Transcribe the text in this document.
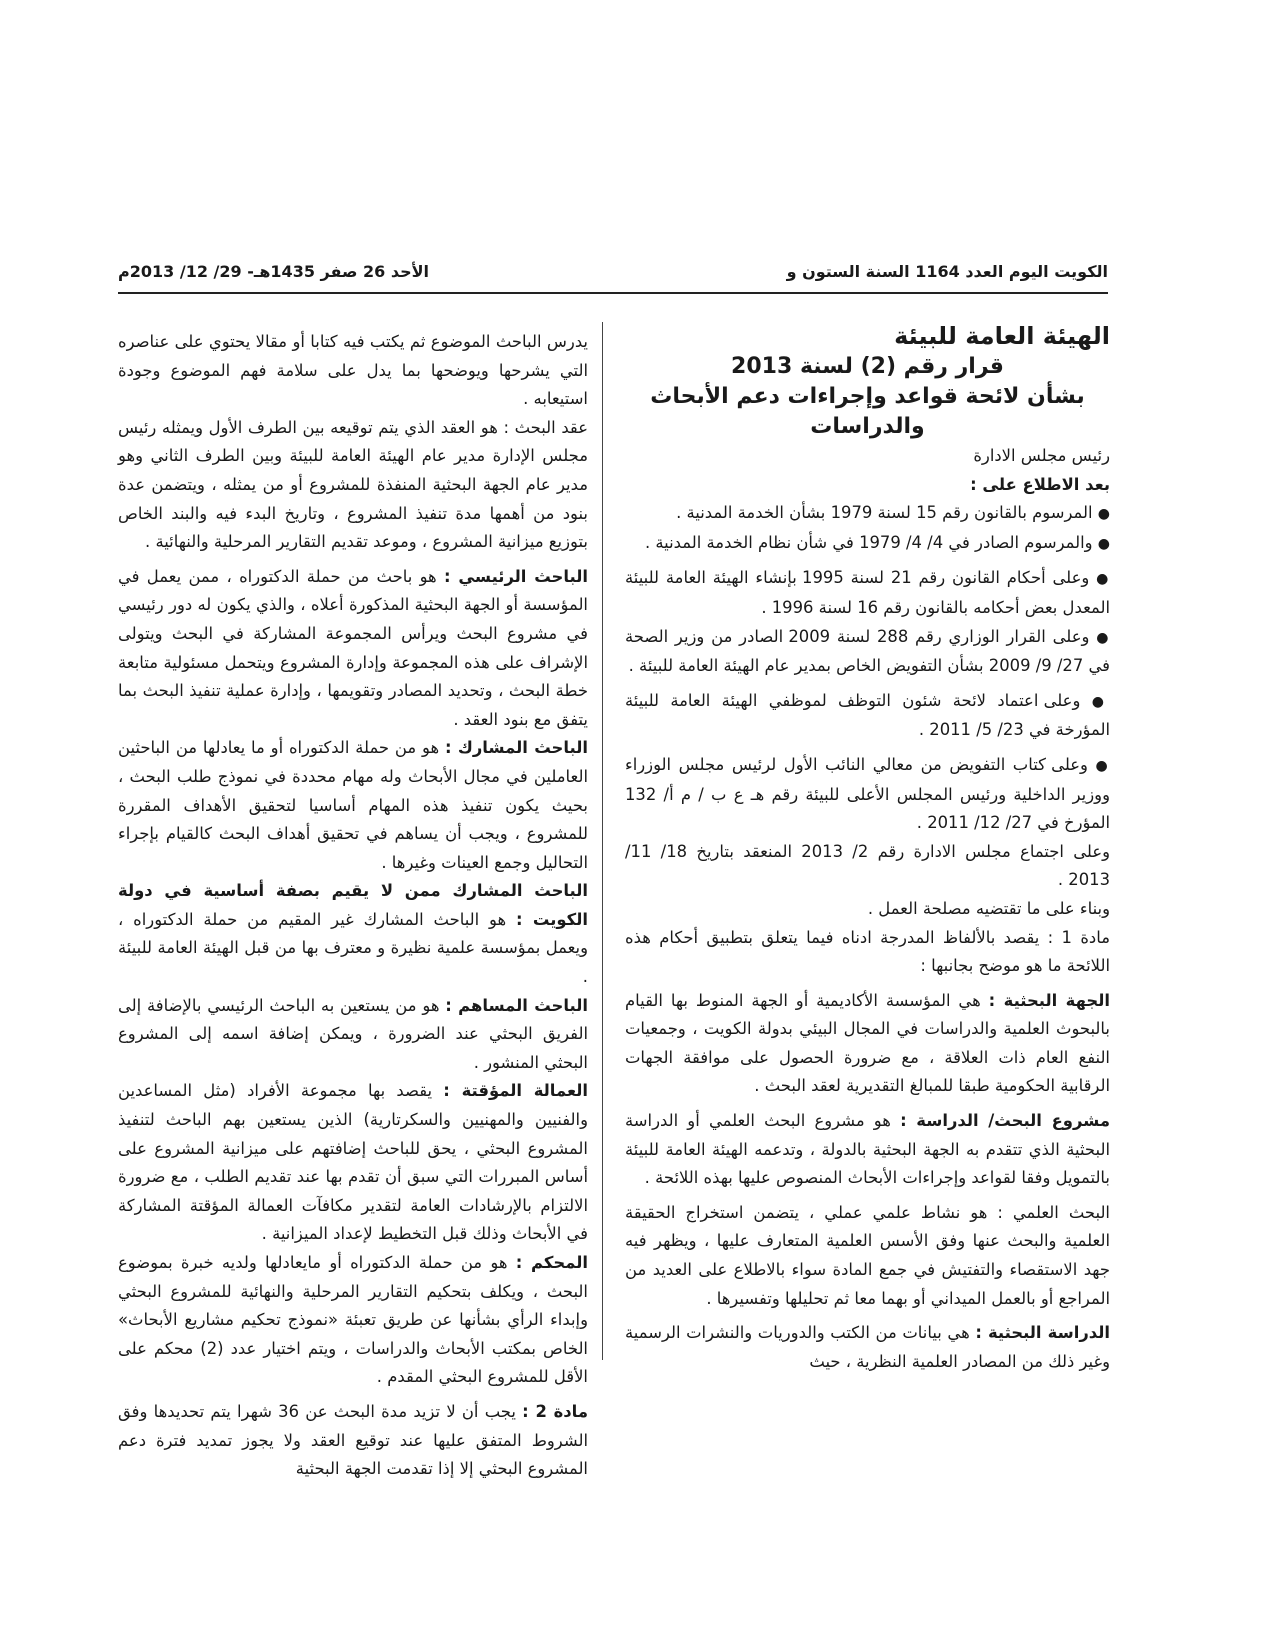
الكويت اليوم العدد 1164 السنة الستون و
الأحد 26 صفر 1435هـ- 29/ 12/ 2013م

الهيئة العامة للبيئة

قرار رقم (2) لسنة 2013

بشأن لائحة قواعد وإجراءات دعم الأبحاث والدراسات

رئيس مجلس الادارة

بعد الاطلاع على :

● المرسوم بالقانون رقم 15 لسنة 1979 بشأن الخدمة المدنية .

● والمرسوم الصادر في 4/ 4/ 1979 في شأن نظام الخدمة المدنية .

● وعلى أحكام القانون رقم 21 لسنة 1995 بإنشاء الهيئة العامة للبيئة المعدل بعض أحكامه بالقانون رقم 16 لسنة 1996 .

● وعلى القرار الوزاري رقم 288 لسنة 2009 الصادر من وزير الصحة في 27/ 9/ 2009 بشأن التفويض الخاص بمدير عام الهيئة العامة للبيئة .

● وعلى اعتماد لائحة شئون التوظف لموظفي الهيئة العامة للبيئة المؤرخة في 23/ 5/ 2011 .

● وعلى كتاب التفويض من معالي النائب الأول لرئيس مجلس الوزراء ووزير الداخلية ورئيس المجلس الأعلى للبيئة رقم هـ ع ب / م أ/ 132 المؤرخ في 27/ 12/ 2011 .

وعلى اجتماع مجلس الادارة رقم 2/ 2013 المنعقد بتاريخ 18/ 11/ 2013 .

وبناء على ما تقتضيه مصلحة العمل .

مادة 1 : يقصد بالألفاظ المدرجة ادناه فيما يتعلق بتطبيق أحكام هذه اللائحة ما هو موضح بجانبها :

الجهة البحثية : هي المؤسسة الأكاديمية أو الجهة المنوط بها القيام بالبحوث العلمية والدراسات في المجال البيئي بدولة الكويت ، وجمعيات النفع العام ذات العلاقة ، مع ضرورة الحصول على موافقة الجهات الرقابية الحكومية طبقا للمبالغ التقديرية لعقد البحث .

مشروع البحث/ الدراسة : هو مشروع البحث العلمي أو الدراسة البحثية الذي تتقدم به الجهة البحثية بالدولة ، وتدعمه الهيئة العامة للبيئة بالتمويل وفقا لقواعد وإجراءات الأبحاث المنصوص عليها بهذه اللائحة .

البحث العلمي : هو نشاط علمي عملي ، يتضمن استخراج الحقيقة العلمية والبحث عنها وفق الأسس العلمية المتعارف عليها ، ويظهر فيه جهد الاستقصاء والتفتيش في جمع المادة سواء بالاطلاع على العديد من المراجع أو بالعمل الميداني أو بهما معا ثم تحليلها وتفسيرها .

الدراسة البحثية : هي بيانات من الكتب والدوريات والنشرات الرسمية وغير ذلك من المصادر العلمية النظرية ، حيث

يدرس الباحث الموضوع ثم يكتب فيه كتابا أو مقالا يحتوي على عناصره التي يشرحها ويوضحها بما يدل على سلامة فهم الموضوع وجودة استيعابه .

عقد البحث : هو العقد الذي يتم توقيعه بين الطرف الأول ويمثله رئيس مجلس الإدارة مدير عام الهيئة العامة للبيئة وبين الطرف الثاني وهو مدير عام الجهة البحثية المنفذة للمشروع أو من يمثله ، ويتضمن عدة بنود من أهمها مدة تنفيذ المشروع ، وتاريخ البدء فيه والبند الخاص بتوزيع ميزانية المشروع ، وموعد تقديم التقارير المرحلية والنهائية .

الباحث الرئيسي : هو باحث من حملة الدكتوراه ، ممن يعمل في المؤسسة أو الجهة البحثية المذكورة أعلاه ، والذي يكون له دور رئيسي في مشروع البحث ويرأس المجموعة المشاركة في البحث ويتولى الإشراف على هذه المجموعة وإدارة المشروع ويتحمل مسئولية متابعة خطة البحث ، وتحديد المصادر وتقويمها ، وإدارة عملية تنفيذ البحث بما يتفق مع بنود العقد .

الباحث المشارك : هو من حملة الدكتوراه أو ما يعادلها من الباحثين العاملين في مجال الأبحاث وله مهام محددة في نموذج طلب البحث ، بحيث يكون تنفيذ هذه المهام أساسيا لتحقيق الأهداف المقررة للمشروع ، ويجب أن يساهم في تحقيق أهداف البحث كالقيام بإجراء التحاليل وجمع العينات وغيرها .

الباحث المشارك ممن لا يقيم بصفة أساسية في دولة الكويت : هو الباحث المشارك غير المقيم من حملة الدكتوراه ، ويعمل بمؤسسة علمية نظيرة و معترف بها من قبل الهيئة العامة للبيئة .

الباحث المساهم : هو من يستعين به الباحث الرئيسي بالإضافة إلى الفريق البحثي عند الضرورة ، ويمكن إضافة اسمه إلى المشروع البحثي المنشور .

العمالة المؤقتة : يقصد بها مجموعة الأفراد (مثل المساعدين والفنيين والمهنيين والسكرتارية) الذين يستعين بهم الباحث لتنفيذ المشروع البحثي ، يحق للباحث إضافتهم على ميزانية المشروع على أساس المبررات التي سبق أن تقدم بها عند تقديم الطلب ، مع ضرورة الالتزام بالإرشادات العامة لتقدير مكافآت العمالة المؤقتة المشاركة في الأبحاث وذلك قبل التخطيط لإعداد الميزانية .

المحكم : هو من حملة الدكتوراه أو مايعادلها ولديه خبرة بموضوع البحث ، ويكلف بتحكيم التقارير المرحلية والنهائية للمشروع البحثي وإبداء الرأي بشأنها عن طريق تعبئة «نموذج تحكيم مشاريع الأبحاث» الخاص بمكتب الأبحاث والدراسات ، ويتم اختيار عدد (2) محكم على الأقل للمشروع البحثي المقدم .

مادة 2 : يجب أن لا تزيد مدة البحث عن 36 شهرا يتم تحديدها وفق الشروط المتفق عليها عند توقيع العقد ولا يجوز تمديد فترة دعم المشروع البحثي إلا إذا تقدمت الجهة البحثية
